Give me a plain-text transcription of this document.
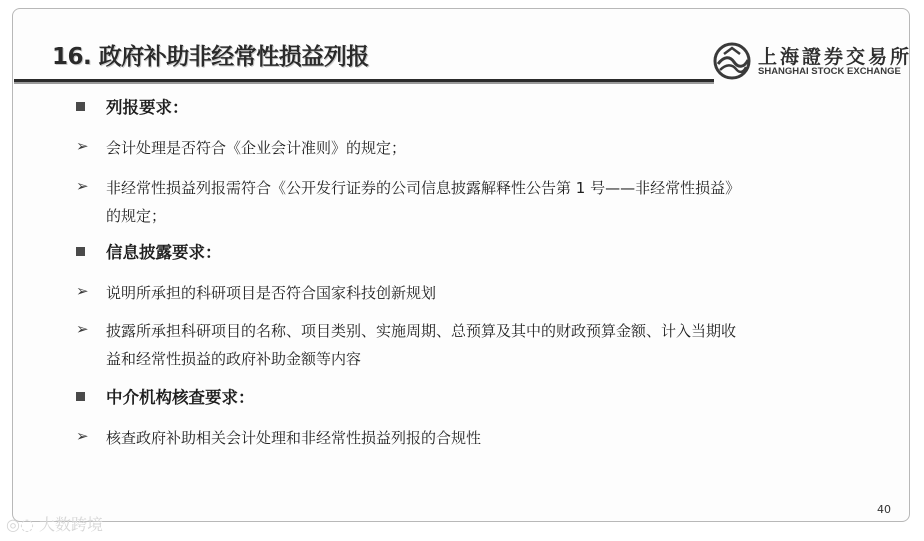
16. 政府补助非经常性损益列报	上海證券交易所
SHANGHAI STOCK EXCHANGE
列报要求：
➢ 会计处理是否符合《企业会计准则》的规定；
➢ 非经常性损益列报需符合《公开发行证券的公司信息披露解释性公告第 1 号——非经常性损益》
的规定；
信息披露要求：
➢ 说明所承担的科研项目是否符合国家科技创新规划
➢ 披露所承担科研项目的名称、项目类别、实施周期、总预算及其中的财政预算金额、计入当期收
益和经常性损益的政府补助金额等内容
中介机构核查要求：
➢ 核查政府补助相关会计处理和非经常性损益列报的合规性
40
◎◌ 大数跨境
